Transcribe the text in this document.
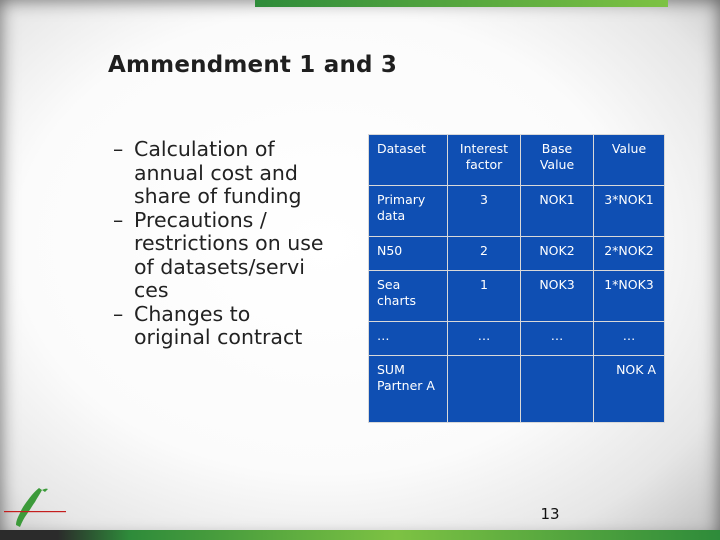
Ammendment 1 and 3
– Calculation of annual cost and share of funding
– Precautions / restrictions on use of datasets/servi ces
– Changes to original contract
Dataset	Interest factor	Base Value	Value
Primary data	3	NOK1	3*NOK1
N50	2	NOK2	2*NOK2
Sea charts	1	NOK3	1*NOK3
…	…	…	…
SUM Partner A			NOK A
13
